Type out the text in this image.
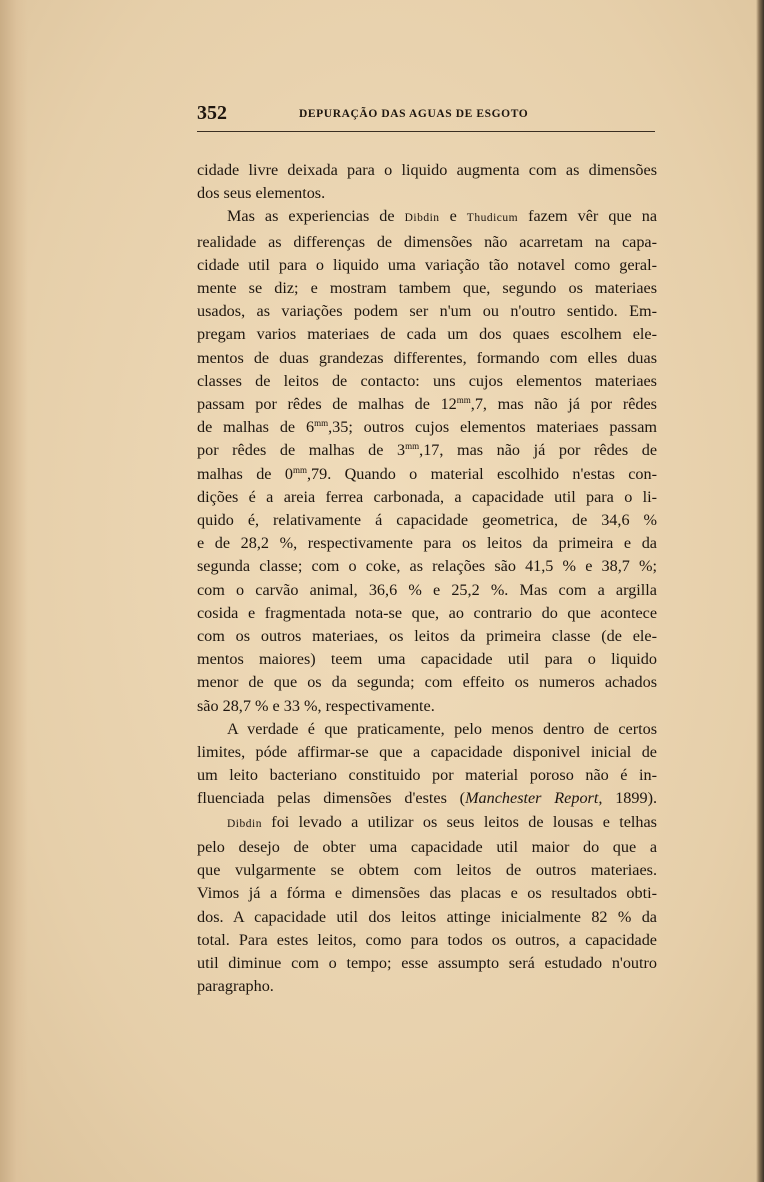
352	DEPURAÇÃO DAS AGUAS DE ESGOTO

cidade livre deixada para o liquido augmenta com as dimensões

dos seus elementos.

Mas as experiencias de Dibdin e Thudicum fazem vêr que na

realidade as differenças de dimensões não acarretam na capa-

cidade util para o liquido uma variação tão notavel como geral-

mente se diz; e mostram tambem que, segundo os materiaes

usados, as variações podem ser n'um ou n'outro sentido. Em-

pregam varios materiaes de cada um dos quaes escolhem ele-

mentos de duas grandezas differentes, formando com elles duas

classes de leitos de contacto: uns cujos elementos materiaes

passam por rêdes de malhas de $12^{mm},7$, mas não já por rêdes

de malhas de $6^{mm},35$; outros cujos elementos materiaes passam

por rêdes de malhas de $3^{mm},17$, mas não já por rêdes de

malhas de $0^{mm},79$. Quando o material escolhido n'estas con-

dições é a areia ferrea carbonada, a capacidade util para o li-

quido é, relativamente á capacidade geometrica, de 34,6 %

e de 28,2 %, respectivamente para os leitos da primeira e da

segunda classe; com o coke, as relações são 41,5 % e 38,7 %;

com o carvão animal, 36,6 % e 25,2 %. Mas com a argilla

cosida e fragmentada nota-se que, ao contrario do que acontece

com os outros materiaes, os leitos da primeira classe (de ele-

mentos maiores) teem uma capacidade util para o liquido

menor de que os da segunda; com effeito os numeros achados

são 28,7 % e 33 %, respectivamente.

A verdade é que praticamente, pelo menos dentro de certos

limites, póde affirmar-se que a capacidade disponivel inicial de

um leito bacteriano constituido por material poroso não é in-

fluenciada pelas dimensões d'estes (Manchester Report, 1899).

Dibdin foi levado a utilizar os seus leitos de lousas e telhas

pelo desejo de obter uma capacidade util maior do que a

que vulgarmente se obtem com leitos de outros materiaes.

Vimos já a fórma e dimensões das placas e os resultados obti-

dos. A capacidade util dos leitos attinge inicialmente 82 % da

total. Para estes leitos, como para todos os outros, a capacidade

util diminue com o tempo; esse assumpto será estudado n'outro

paragrapho.
